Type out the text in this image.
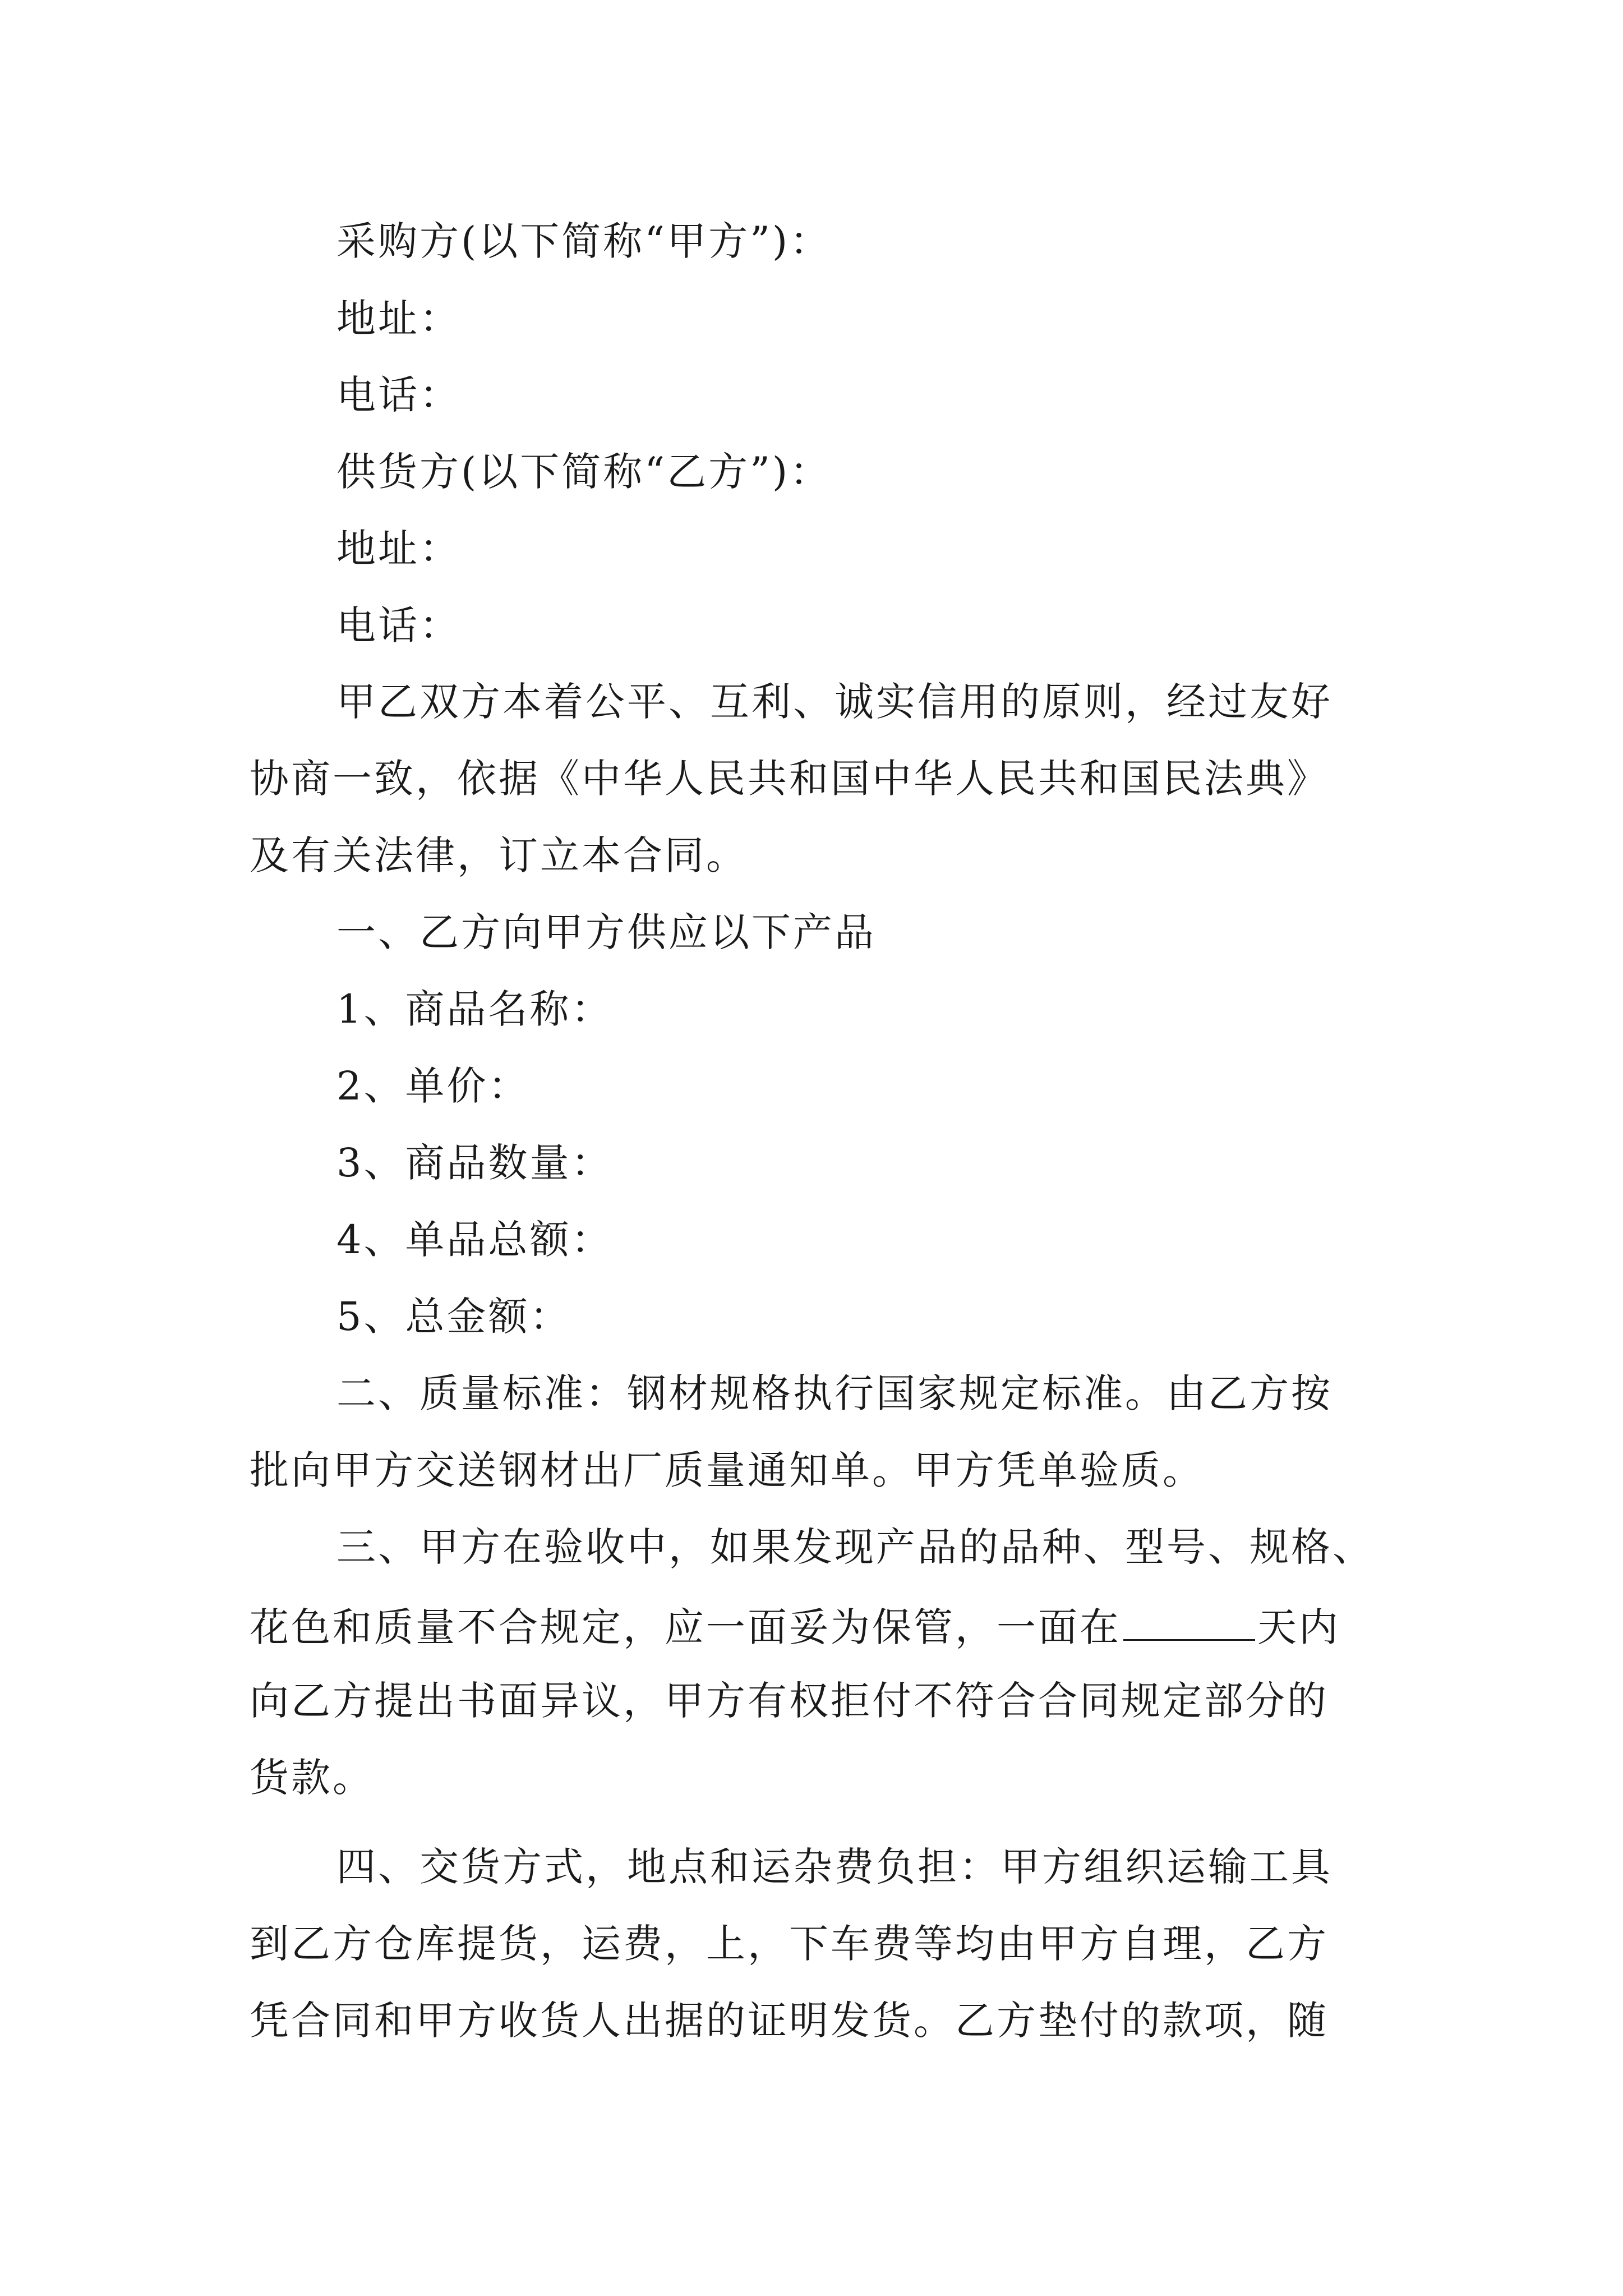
采购方(以下简称“甲方”)：
地址：
电话：
供货方(以下简称“乙方”)：
地址：
电话：
甲乙双方本着公平、互利、诚实信用的原则，经过友好
协商一致，依据《中华人民共和国中华人民共和国民法典》
及有关法律，订立本合同。
一、乙方向甲方供应以下产品
1、商品名称：
2、单价：
3、商品数量：
4、单品总额：
5、总金额：
二、质量标准：钢材规格执行国家规定标准。由乙方按
批向甲方交送钢材出厂质量通知单。甲方凭单验质。
三、甲方在验收中，如果发现产品的品种、型号、规格、
花色和质量不合规定，应一面妥为保管，一面在	天内
向乙方提出书面异议，甲方有权拒付不符合合同规定部分的
货款。
四、交货方式，地点和运杂费负担：甲方组织运输工具
到乙方仓库提货，运费，上，下车费等均由甲方自理，乙方
凭合同和甲方收货人出据的证明发货。乙方垫付的款项，随
